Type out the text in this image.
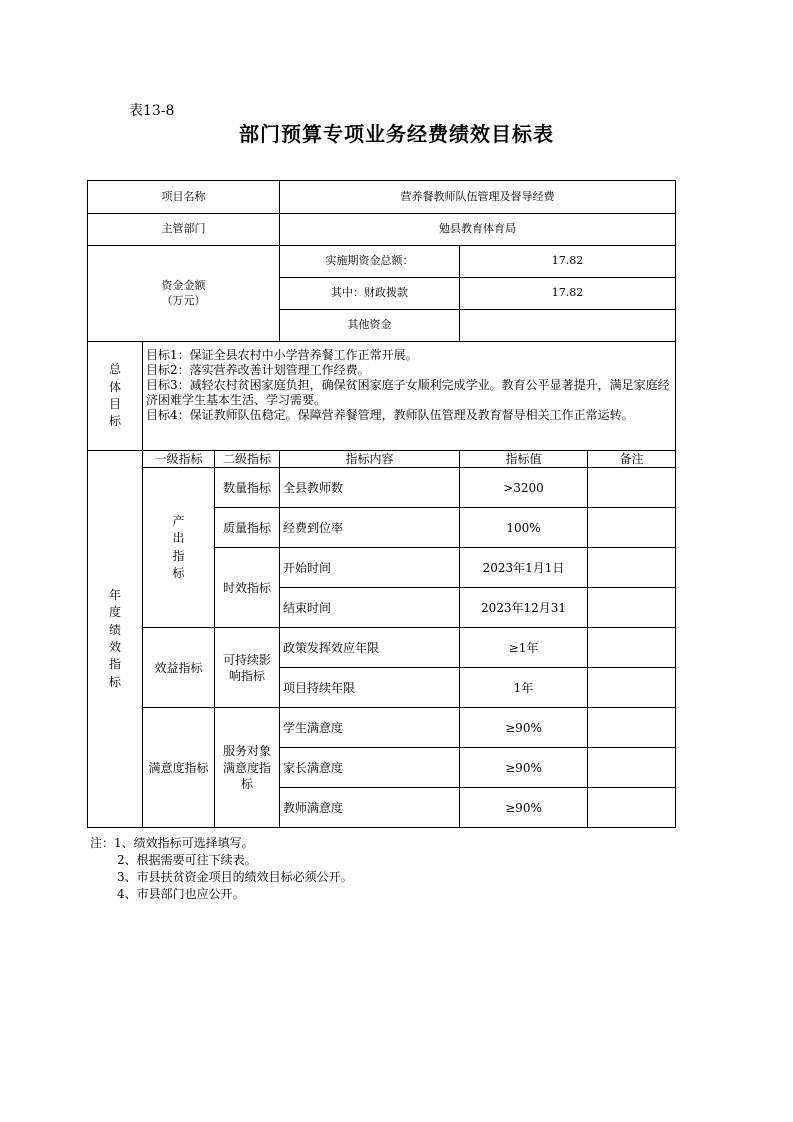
表13-8
部门预算专项业务经费绩效目标表
项目名称			营养餐教师队伍管理及督导经费		
主管部门			勉县教育体育局		

资金金额
（万元）			实施期资金总额：	17.82	
			其中：财政拨款	17.82	
			其他资金		
总体目标	目标1：保证全县农村中小学营养餐工作正常开展。
目标2：落实营养改善计划管理工作经费。
目标3：减轻农村贫困家庭负担，确保贫困家庭子女顺利完成学业。教育公平显著提升，满足家庭经济困难学生基本生活、学习需要。
目标4：保证教师队伍稳定。保障营养餐管理，教师队伍管理及教育督导相关工作正常运转。				

年度绩效指标	一级指标	二级指标	指标内容	指标值	备注
	产出指标	数量指标	全县教师数	>3200	
		质量指标	经费到位率	100%	
		时效指标	开始时间	2023年1月1日	
			结束时间	2023年12月31	
	效益指标	可持续影响指标	政策发挥效应年限	≥1年	
			项目持续年限	1年	
	满意度指标	服务对象满意度指标	学生满意度	≥90%	
			家长满意度	≥90%	
			教师满意度	≥90%	
注：1、绩效指标可选择填写。
2、根据需要可往下续表。
3、市县扶贫资金项目的绩效目标必须公开。
4、市县部门也应公开。
